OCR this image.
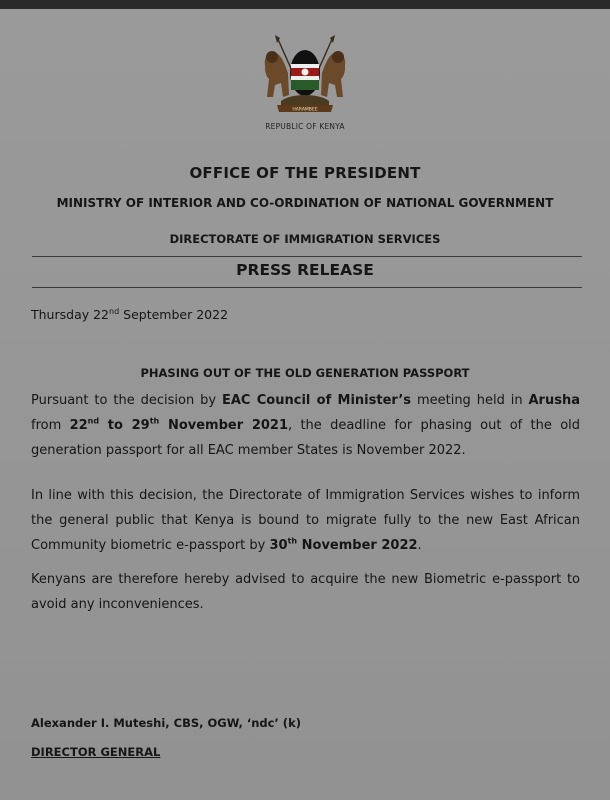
HARAMBEE
REPUBLIC OF KENYA
OFFICE OF THE PRESIDENT
MINISTRY OF INTERIOR AND CO-ORDINATION OF NATIONAL GOVERNMENT
DIRECTORATE OF IMMIGRATION SERVICES
PRESS RELEASE
Thursday 22nd September 2022
PHASING OUT OF THE OLD GENERATION PASSPORT
Pursuant to the decision by EAC Council of Minister’s meeting held in Arusha from 22nd to 29th November 2021, the deadline for phasing out of the old generation passport for all EAC member States is November 2022.
In line with this decision, the Directorate of Immigration Services wishes to inform the general public that Kenya is bound to migrate fully to the new East African Community biometric e-passport by 30th November 2022.
Kenyans are therefore hereby advised to acquire the new Biometric e-passport to avoid any inconveniences.
Alexander I. Muteshi, CBS, OGW, ‘ndc’ (k)
DIRECTOR GENERAL
